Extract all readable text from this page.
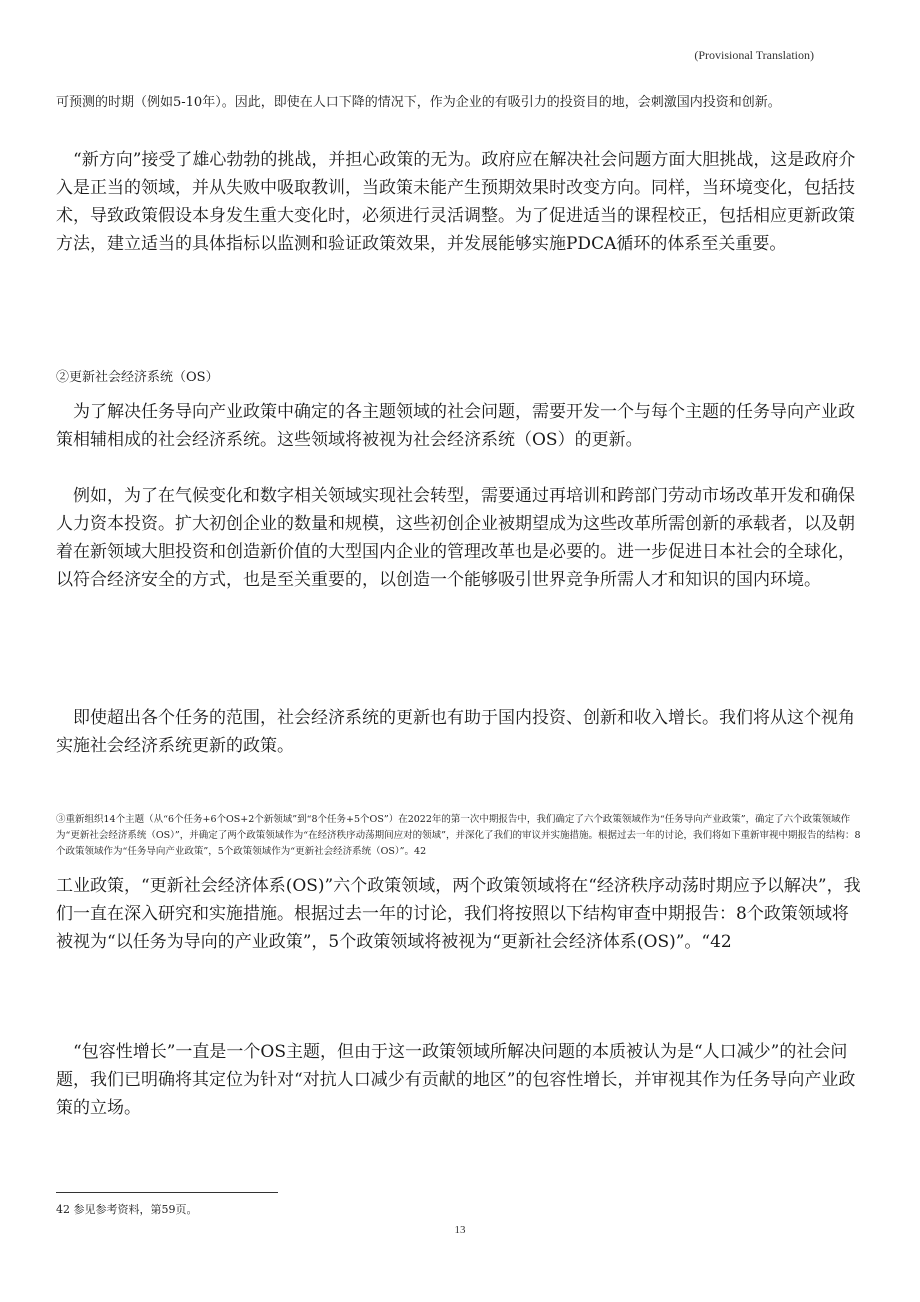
(Provisional Translation)

可预测的时期（例如5-10年）。因此，即使在人口下降的情况下，作为企业的有吸引力的投资目的地，会刺激国内投资和创新。

“新方向”接受了雄心勃勃的挑战，并担心政策的无为。政府应在解决社会问题方面大胆挑战，这是政府介入是正当的领域，并从失败中吸取教训，当政策未能产生预期效果时改变方向。同样，当环境变化，包括技术，导致政策假设本身发生重大变化时，必须进行灵活调整。为了促进适当的课程校正，包括相应更新政策方法，建立适当的具体指标以监测和验证政策效果，并发展能够实施PDCA循环的体系至关重要。

②更新社会经济系统（OS）

为了解决任务导向产业政策中确定的各主题领域的社会问题，需要开发一个与每个主题的任务导向产业政策相辅相成的社会经济系统。这些领域将被视为社会经济系统（OS）的更新。

例如，为了在气候变化和数字相关领域实现社会转型，需要通过再培训和跨部门劳动市场改革开发和确保人力资本投资。扩大初创企业的数量和规模，这些初创企业被期望成为这些改革所需创新的承载者，以及朝着在新领域大胆投资和创造新价值的大型国内企业的管理改革也是必要的。进一步促进日本社会的全球化，以符合经济安全的方式，也是至关重要的，以创造一个能够吸引世界竞争所需人才和知识的国内环境。

即使超出各个任务的范围，社会经济系统的更新也有助于国内投资、创新和收入增长。我们将从这个视角实施社会经济系统更新的政策。

③重新组织14个主题（从“6个任务+6个OS+2个新领域”到“8个任务+5个OS”）在2022年的第一次中期报告中，我们确定了六个政策领域作为“任务导向产业政策”，确定了六个政策领域作为“更新社会经济系统（OS）”，并确定了两个政策领域作为“在经济秩序动荡期间应对的领域”，并深化了我们的审议并实施措施。根据过去一年的讨论，我们将如下重新审视中期报告的结构：8个政策领域作为“任务导向产业政策”，5个政策领域作为“更新社会经济系统（OS）”。42

工业政策，“更新社会经济体系(OS)”六个政策领域，两个政策领域将在“经济秩序动荡时期应予以解决”，我们一直在深入研究和实施措施。根据过去一年的讨论，我们将按照以下结构审查中期报告：8个政策领域将被视为“以任务为导向的产业政策”，5个政策领域将被视为“更新社会经济体系(OS)”。“42

“包容性增长”一直是一个OS主题，但由于这一政策领域所解决问题的本质被认为是“人口减少”的社会问题，我们已明确将其定位为针对“对抗人口减少有贡献的地区”的包容性增长，并审视其作为任务导向产业政策的立场。

42 参见参考资料，第59页。
13
